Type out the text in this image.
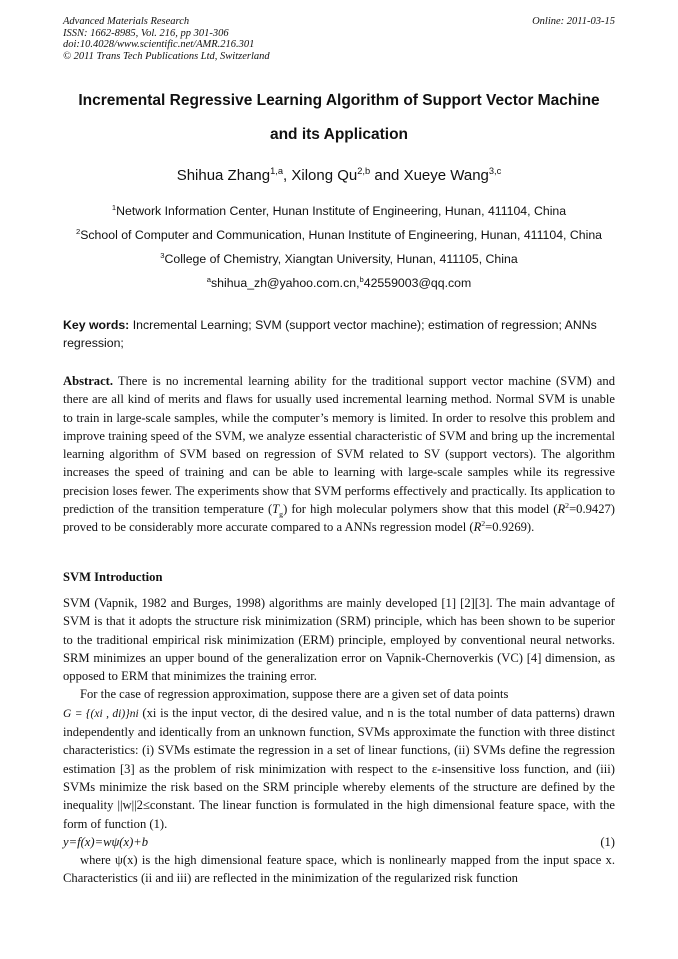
Advanced Materials Research
ISSN: 1662-8985, Vol. 216, pp 301-306
doi:10.4028/www.scientific.net/AMR.216.301
© 2011 Trans Tech Publications Ltd, Switzerland
Online: 2011-03-15
Incremental Regressive Learning Algorithm of Support Vector Machine
and its Application
Shihua Zhang$^{1,a}$, Xilong Qu$^{2,b}$ and Xueye Wang$^{3,c}$
$^1$Network Information Center, Hunan Institute of Engineering, Hunan, 411104, China
$^2$School of Computer and Communication, Hunan Institute of Engineering, Hunan, 411104, China
$^3$College of Chemistry, Xiangtan University, Hunan, 411105, China
$^a$shihua_zh@yahoo.com.cn,$^b$42559003@qq.com
Key words: Incremental Learning; SVM (support vector machine); estimation of regression; ANNs regression;
Abstract. There is no incremental learning ability for the traditional support vector machine (SVM) and there are all kind of merits and flaws for usually used incremental learning method. Normal SVM is unable to train in large-scale samples, while the computer’s memory is limited. In order to resolve this problem and improve training speed of the SVM, we analyze essential characteristic of SVM and bring up the incremental learning algorithm of SVM based on regression of SVM related to SV (support vectors). The algorithm increases the speed of training and can be able to learning with large-scale samples while its regressive precision loses fewer. The experiments show that SVM performs effectively and practically. Its application to prediction of the transition temperature $(T_g)$ for high molecular polymers show that this model $(R^2=0.9427)$ proved to be considerably more accurate compared to a ANNs regression model $(R^2=0.9269)$.
SVM Introduction
SVM (Vapnik, 1982 and Burges, 1998) algorithms are mainly developed [1] [2][3]. The main advantage of SVM is that it adopts the structure risk minimization (SRM) principle, which has been shown to be superior to the traditional empirical risk minimization (ERM) principle, employed by conventional neural networks. SRM minimizes an upper bound of the generalization error on Vapnik-Chernoverkis (VC) [4] dimension, as opposed to ERM that minimizes the training error.
For the case of regression approximation, suppose there are a given set of data points
G = {(xi , di)}ni (xi is the input vector, di the desired value, and n is the total number of data patterns) drawn independently and identically from an unknown function, SVMs approximate the function with three distinct characteristics: (i) SVMs estimate the regression in a set of linear functions, (ii) SVMs define the regression estimation [3] as the problem of risk minimization with respect to the ε-insensitive loss function, and (iii) SVMs minimize the risk based on the SRM principle whereby elements of the structure are defined by the inequality ||w||2≤constant. The linear function is formulated in the high dimensional feature space, with the form of function (1).
y=f(x)=wψ(x)+b	(1)
where ψ(x) is the high dimensional feature space, which is nonlinearly mapped from the input space x. Characteristics (ii and iii) are reflected in the minimization of the regularized risk function
